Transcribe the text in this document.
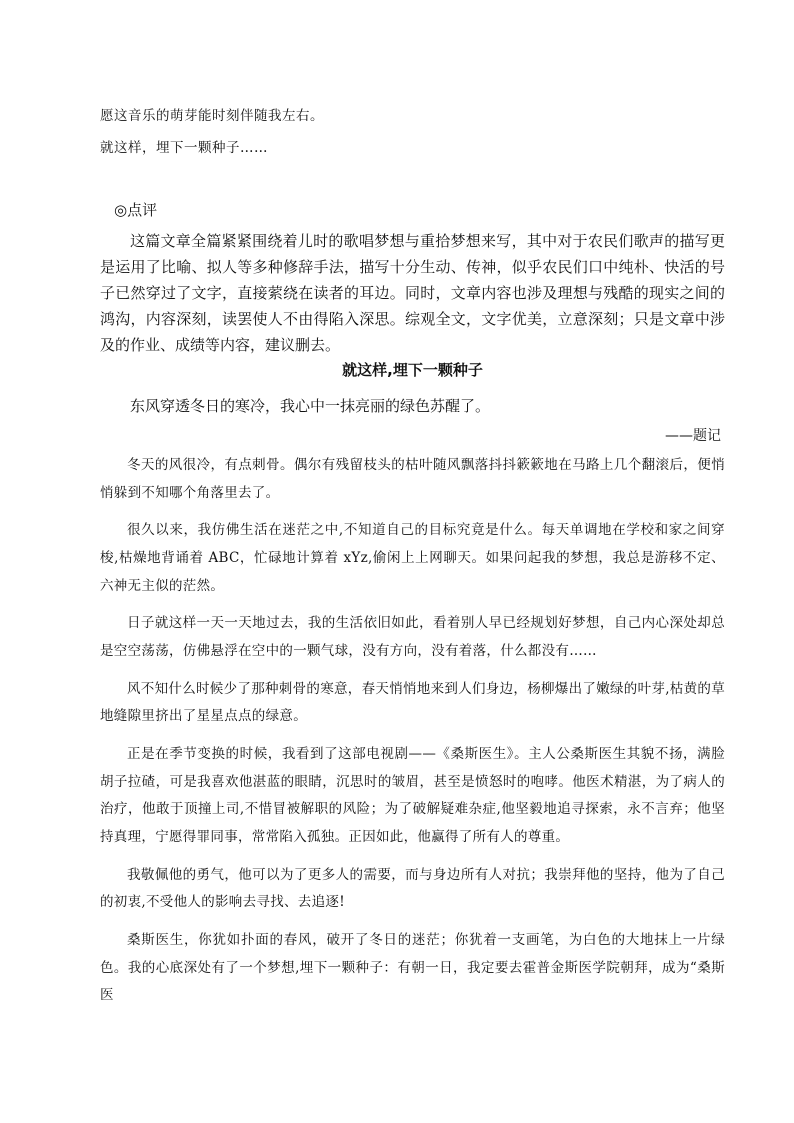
愿这音乐的萌芽能时刻伴随我左右。
就这样，埋下一颗种子……
◎点评

这篇文章全篇紧紧围绕着儿时的歌唱梦想与重拾梦想来写，其中对于农民们歌声的描写更是运用了比喻、拟人等多种修辞手法，描写十分生动、传神，似乎农民们口中纯朴、快活的号子已然穿过了文字，直接萦绕在读者的耳边。同时，文章内容也涉及理想与残酷的现实之间的鸿沟，内容深刻，读罢使人不由得陷入深思。综观全文，文字优美，立意深刻；只是文章中涉及的作业、成绩等内容，建议删去。

就这样,埋下一颗种子
东风穿透冬日的寒冷，我心中一抹亮丽的绿色苏醒了。
——题记

冬天的风很冷，有点刺骨。偶尔有残留枝头的枯叶随风飘落抖抖簌簌地在马路上几个翻滚后，便悄悄躲到不知哪个角落里去了。

很久以来，我仿佛生活在迷茫之中,不知道自己的目标究竟是什么。每天单调地在学校和家之间穿梭,枯燥地背诵着 ABC，忙碌地计算着 xYz,偷闲上上网聊天。如果问起我的梦想，我总是游移不定、六神无主似的茫然。

日子就这样一天一天地过去，我的生活依旧如此，看着别人早已经规划好梦想，自己内心深处却总是空空荡荡，仿佛悬浮在空中的一颗气球，没有方向，没有着落，什么都没有……

风不知什么时候少了那种刺骨的寒意，春天悄悄地来到人们身边，杨柳爆出了嫩绿的叶芽,枯黄的草地缝隙里挤出了星星点点的绿意。

正是在季节变换的时候，我看到了这部电视剧——《桑斯医生》。主人公桑斯医生其貌不扬，满脸胡子拉碴，可是我喜欢他湛蓝的眼睛，沉思时的皱眉，甚至是愤怒时的咆哮。他医术精湛，为了病人的治疗，他敢于顶撞上司,不惜冒被解职的风险；为了破解疑难杂症,他坚毅地追寻探索，永不言弃；他坚持真理，宁愿得罪同事，常常陷入孤独。正因如此，他赢得了所有人的尊重。

我敬佩他的勇气，他可以为了更多人的需要，而与身边所有人对抗；我崇拜他的坚持，他为了自己的初衷,不受他人的影响去寻找、去追逐!

桑斯医生，你犹如扑面的春风，破开了冬日的迷茫；你犹着一支画笔，为白色的大地抹上一片绿色。我的心底深处有了一个梦想,埋下一颗种子：有朝一日，我定要去霍普金斯医学院朝拜，成为“桑斯医
